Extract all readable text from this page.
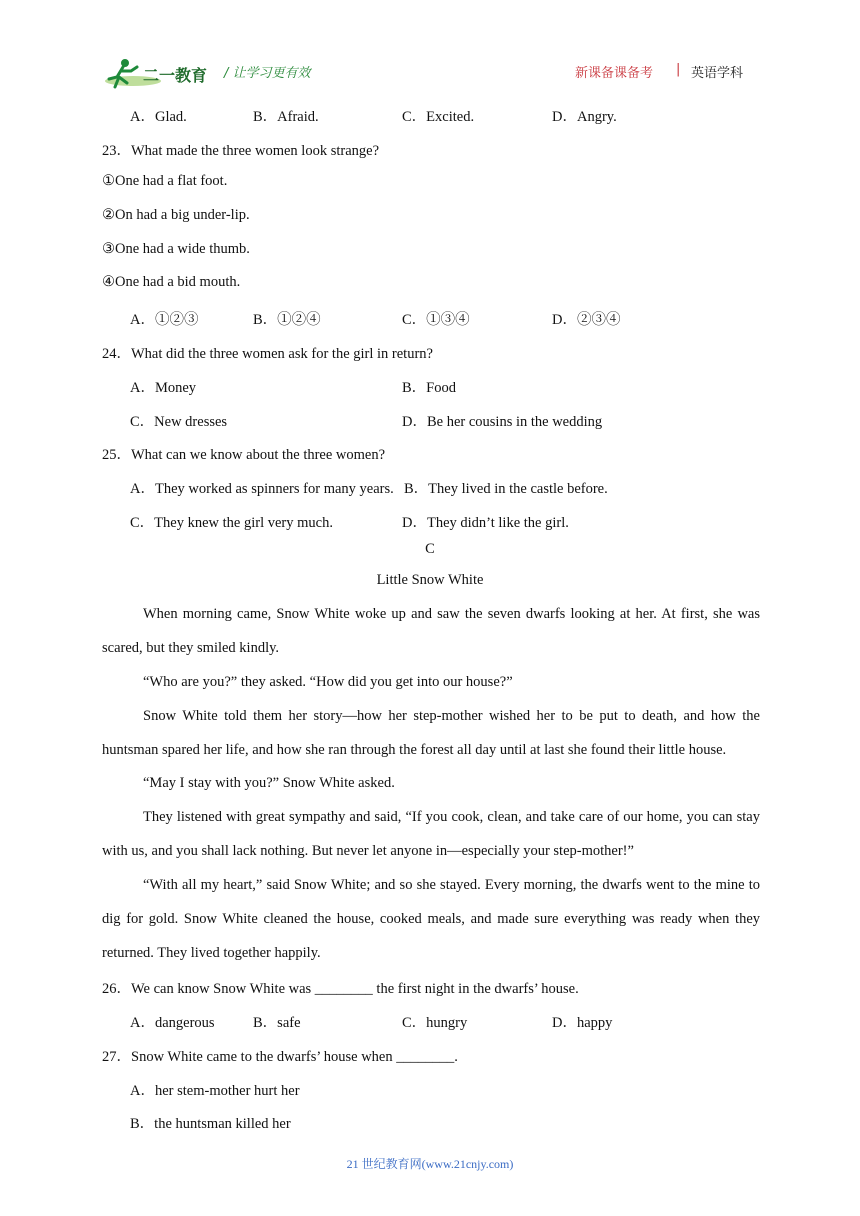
二一教育 / 让学习更有效	新课备课备考 | 英语学科
A．Glad.	B．Afraid.	C．Excited.	D．Angry.
23．What made the three women look strange?
①One had a flat foot.
②On had a big under-lip.
③One had a wide thumb.
④One had a bid mouth.
A．①②③	B．①②④	C．①③④	D．②③④
24．What did the three women ask for the girl in return?
A．Money	B．Food
C．New dresses	D．Be her cousins in the wedding
25．What can we know about the three women?
A．They worked as spinners for many years. B．They lived in the castle before.
C．They knew the girl very much.	D．They didn’t like the girl.
C
Little Snow White
When morning came, Snow White woke up and saw the seven dwarfs looking at her. At first, she was scared, but they smiled kindly.
“Who are you?” they asked. “How did you get into our house?”
Snow White told them her story—how her step-mother wished her to be put to death, and how the huntsman spared her life, and how she ran through the forest all day until at last she found their little house.
“May I stay with you?” Snow White asked.
They listened with great sympathy and said, “If you cook, clean, and take care of our home, you can stay with us, and you shall lack nothing. But never let anyone in—especially your step-mother!”
“With all my heart,” said Snow White; and so she stayed. Every morning, the dwarfs went to the mine to dig for gold. Snow White cleaned the house, cooked meals, and made sure everything was ready when they returned. They lived together happily.
26．We can know Snow White was ________ the first night in the dwarfs’ house.
A．dangerous	B．safe	C．hungry	D．happy
27．Snow White came to the dwarfs’ house when ________.
A．her stem-mother hurt her
B．the huntsman killed her
21 世纪教育网(www.21cnjy.com)
